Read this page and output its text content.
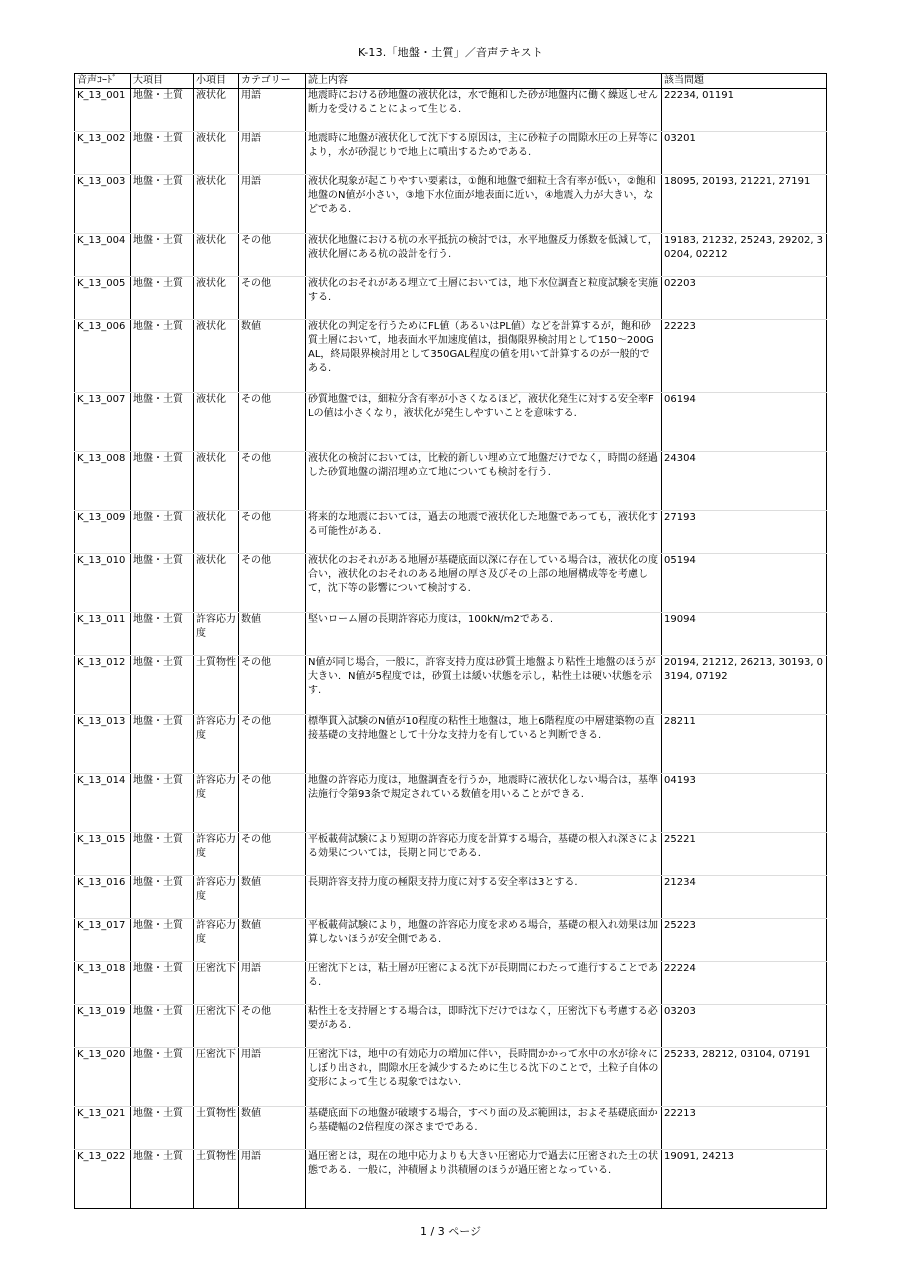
K-13.「地盤・土質」／音声テキスト
音声ｺｰﾄﾞ	大項目	小項目	カテゴリー	読上内容	該当問題
K_13_001	地盤・土質	液状化	用語	地震時における砂地盤の液状化は，水で飽和した砂が地盤内に働く繰返しせん断力を受けることによって生じる.	22234, 01191
K_13_002	地盤・土質	液状化	用語	地震時に地盤が液状化して沈下する原因は，主に砂粒子の間隙水圧の上昇等により，水が砂混じりで地上に噴出するためである.	03201
K_13_003	地盤・土質	液状化	用語	液状化現象が起こりやすい要素は，①飽和地盤で細粒土含有率が低い，②飽和地盤のN値が小さい，③地下水位面が地表面に近い，④地震入力が大きい，などである.	18095, 20193, 21221, 27191
K_13_004	地盤・土質	液状化	その他	液状化地盤における杭の水平抵抗の検討では，水平地盤反力係数を低減して，液状化層にある杭の設計を行う.	19183, 21232, 25243, 29202, 30204, 02212
K_13_005	地盤・土質	液状化	その他	液状化のおそれがある埋立て土層においては，地下水位調査と粒度試験を実施する.	02203
K_13_006	地盤・土質	液状化	数値	液状化の判定を行うためにFL値（あるいはPL値）などを計算するが，飽和砂質土層において，地表面水平加速度値は，損傷限界検討用として150～200GAL，終局限界検討用として350GAL程度の値を用いて計算するのが一般的である.	22223
K_13_007	地盤・土質	液状化	その他	砂質地盤では，細粒分含有率が小さくなるほど，液状化発生に対する安全率FLの値は小さくなり，液状化が発生しやすいことを意味する.	06194
K_13_008	地盤・土質	液状化	その他	液状化の検討においては，比較的新しい埋め立て地盤だけでなく，時間の経過した砂質地盤の湖沼埋め立て地についても検討を行う.	24304
K_13_009	地盤・土質	液状化	その他	将来的な地震においては，過去の地震で液状化した地盤であっても，液状化する可能性がある.	27193
K_13_010	地盤・土質	液状化	その他	液状化のおそれがある地層が基礎底面以深に存在している場合は，液状化の度合い，液状化のおそれのある地層の厚さ及びその上部の地層構成等を考慮して，沈下等の影響について検討する.	05194
K_13_011	地盤・土質	許容応力度	数値	堅いローム層の長期許容応力度は，100kN/m2である.	19094
K_13_012	地盤・土質	土質物性	その他	N値が同じ場合，一般に，許容支持力度は砂質土地盤より粘性土地盤のほうが大きい．N値が5程度では，砂質土は緩い状態を示し，粘性土は硬い状態を示す.	20194, 21212, 26213, 30193, 03194, 07192
K_13_013	地盤・土質	許容応力度	その他	標準貫入試験のN値が10程度の粘性土地盤は，地上6階程度の中層建築物の直接基礎の支持地盤として十分な支持力を有していると判断できる.	28211
K_13_014	地盤・土質	許容応力度	その他	地盤の許容応力度は，地盤調査を行うか，地震時に液状化しない場合は，基準法施行令第93条で規定されている数値を用いることができる.	04193
K_13_015	地盤・土質	許容応力度	その他	平板載荷試験により短期の許容応力度を計算する場合，基礎の根入れ深さによる効果については，長期と同じである.	25221
K_13_016	地盤・土質	許容応力度	数値	長期許容支持力度の極限支持力度に対する安全率は3とする.	21234
K_13_017	地盤・土質	許容応力度	数値	平板載荷試験により，地盤の許容応力度を求める場合，基礎の根入れ効果は加算しないほうが安全側である.	25223
K_13_018	地盤・土質	圧密沈下	用語	圧密沈下とは，粘土層が圧密による沈下が長期間にわたって進行することである.	22224
K_13_019	地盤・土質	圧密沈下	その他	粘性土を支持層とする場合は，即時沈下だけではなく，圧密沈下も考慮する必要がある.	03203
K_13_020	地盤・土質	圧密沈下	用語	圧密沈下は，地中の有効応力の増加に伴い，長時間かかって水中の水が徐々にしぼり出され，間隙水圧を減少するために生じる沈下のことで，土粒子自体の変形によって生じる現象ではない.	25233, 28212, 03104, 07191
K_13_021	地盤・土質	土質物性	数値	基礎底面下の地盤が破壊する場合，すべり面の及ぶ範囲は，およそ基礎底面から基礎幅の2倍程度の深さまでである.	22213
K_13_022	地盤・土質	土質物性	用語	過圧密とは，現在の地中応力よりも大きい圧密応力で過去に圧密された土の状態である．一般に，沖積層より洪積層のほうが過圧密となっている.	19091, 24213
1 / 3 ページ
